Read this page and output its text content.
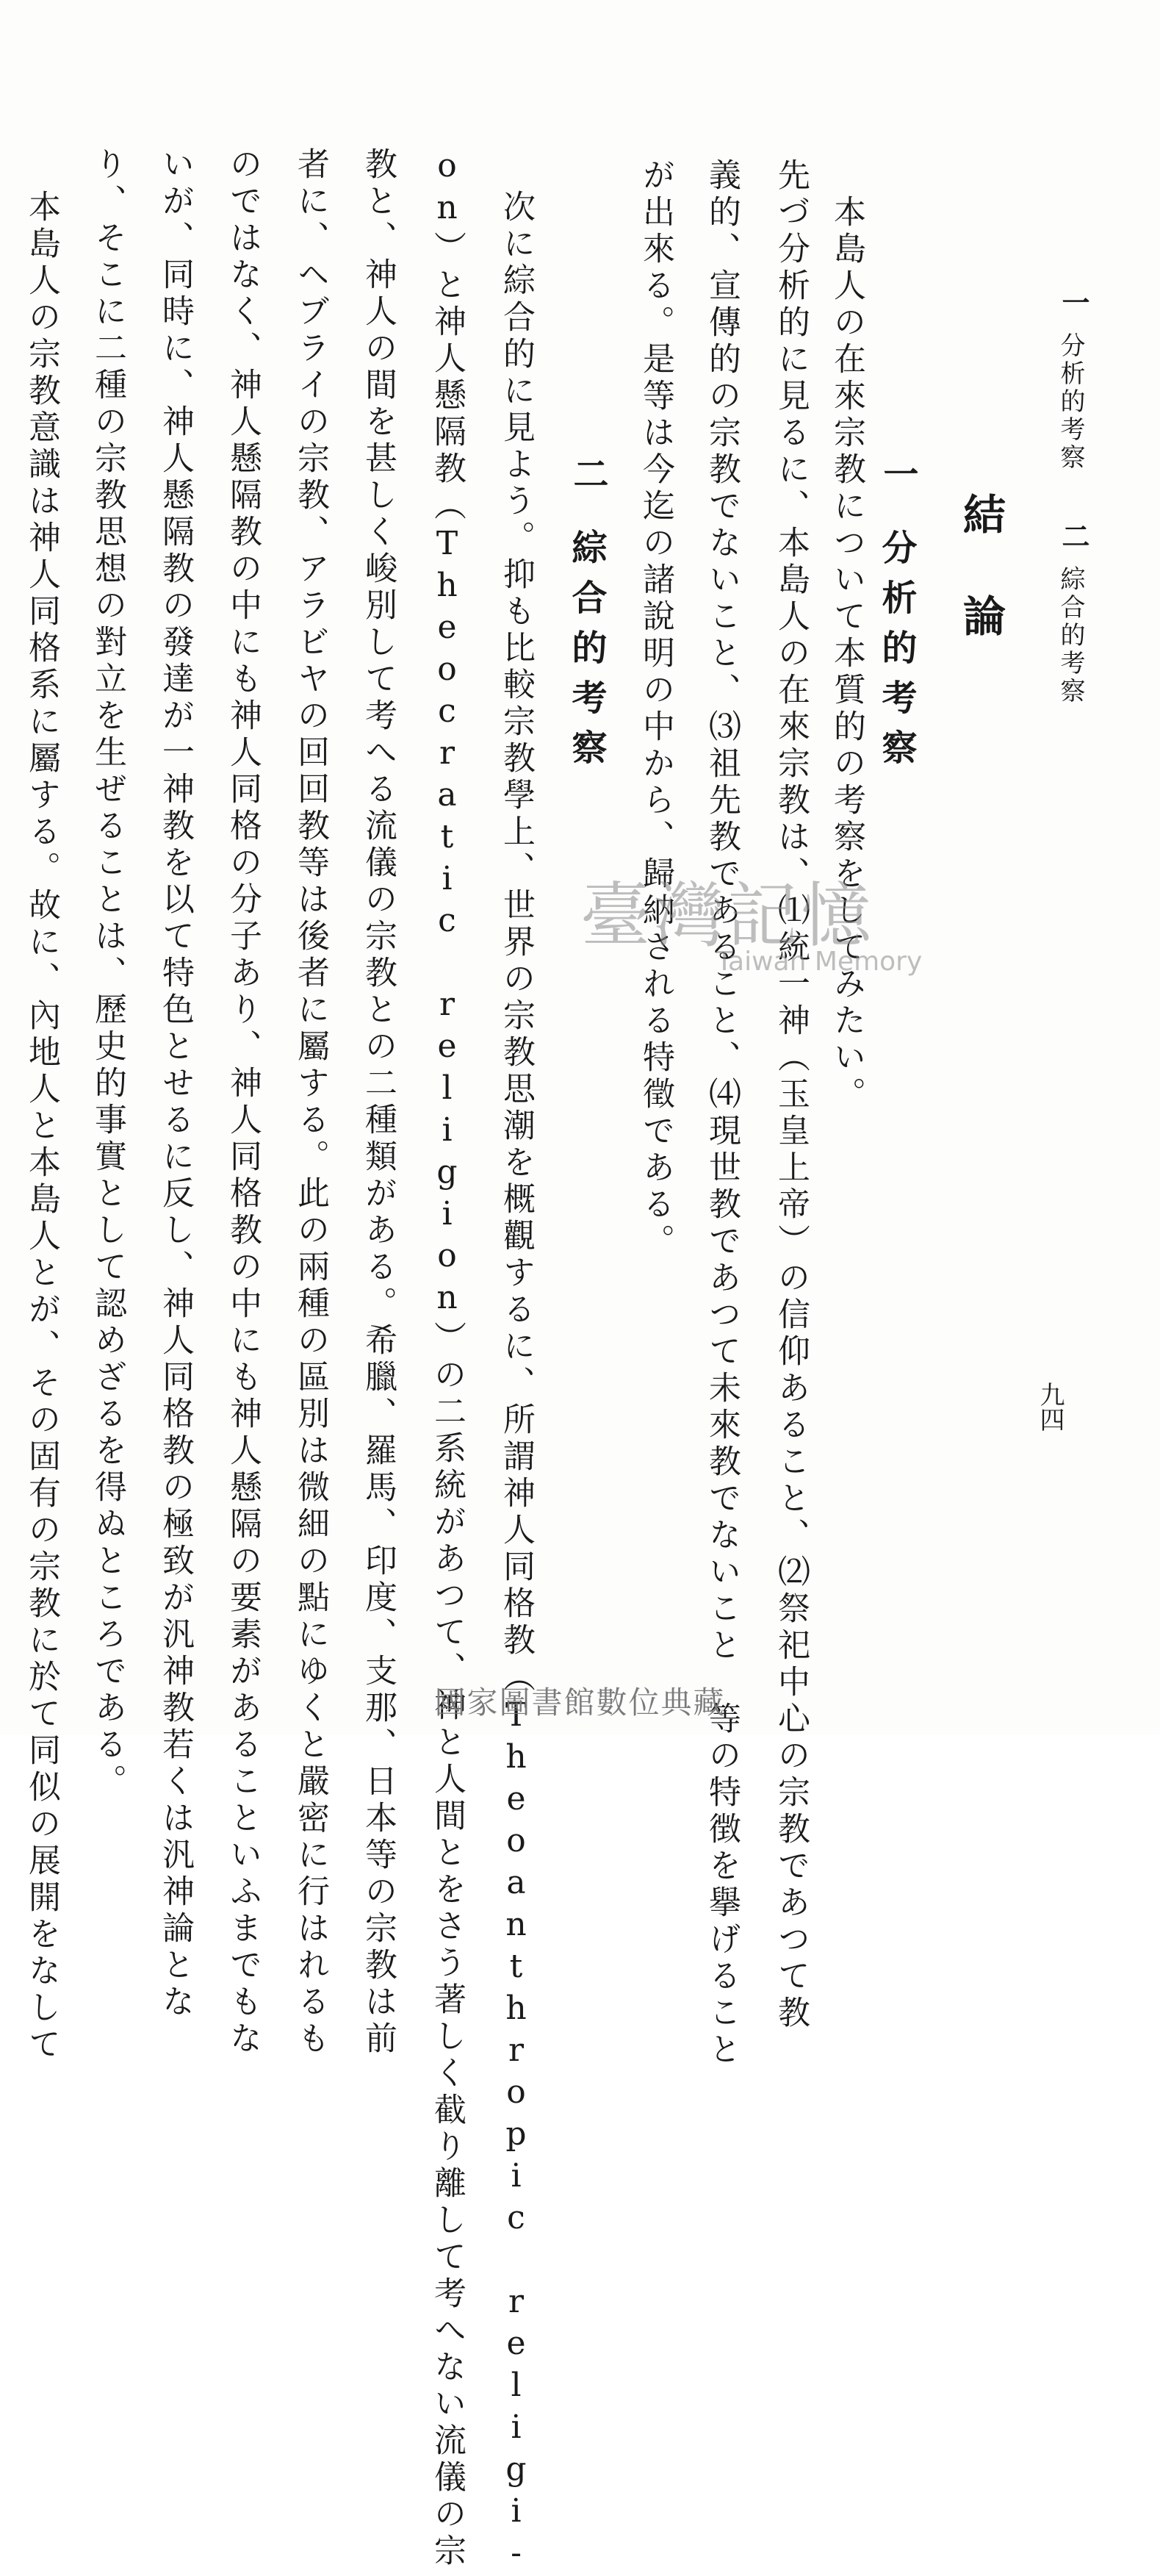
一
分析的考察
二
綜合的考察
九四
結論
本島人の在來宗教について本質的の考察をしてみたい。
先づ分析的に見るに、本島人の在來宗教は、⑴統一神（玉皇上帝）の信仰あること、⑵祭祀中心の宗教であつて教
義的、宣傳的の宗教でないこと、⑶祖先教であること、⑷現世教であつて未來教でないこと　等の特徴を擧げること
が出來る。是等は今迄の諸說明の中から、歸納される特徵である。	一
分析的考察
二
綜合的考察
次に綜合的に見よう。抑も比較宗教學上、世界の宗教思潮を概觀するに、所謂神人同格教（Theoanthropic religi-
on）と神人懸隔教（Theocratic religion）の二系統があつて、神と人間とをさう著しく截り離して考へない流儀の宗
教と、神人の間を甚しく峻別して考へる流儀の宗教との二種類がある。希臘、羅馬、印度、支那、日本等の宗教は前
者に、ヘブライの宗教、アラビヤの回回教等は後者に屬する。此の兩種の區別は微細の點にゆくと嚴密に行はれるも
のではなく、神人懸隔教の中にも神人同格の分子あり、神人同格教の中にも神人懸隔の要素があることいふまでもな
いが、同時に、神人懸隔教の發達が一神教を以て特色とせるに反し、神人同格教の極致が汎神教若くは汎神論とな
り、そこに二種の宗教思想の對立を生ぜることは、歷史的事實として認めざるを得ぬところである。
本島人の宗教意識は神人同格系に屬する。故に、內地人と本島人とが、その固有の宗教に於て同似の展開をなして	臺灣記憶
Taiwan Memory
國家圖書館數位典藏
